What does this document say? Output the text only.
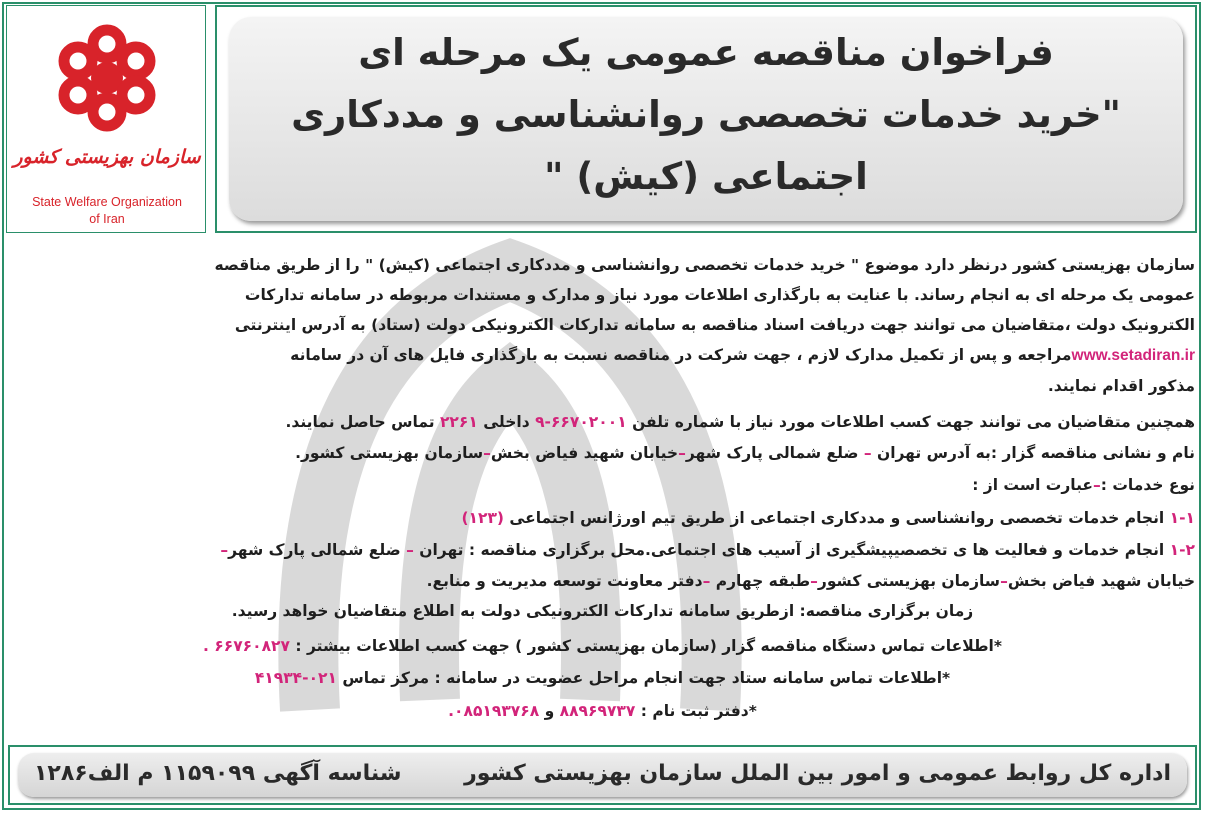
سازمان بهزیستی کشور
State Welfare Organization
of Iran
فراخوان مناقصه عمومی یک مرحله ای
"خرید خدمات تخصصی روانشناسی و مددکاری
اجتماعی (کیش) "
سازمان بهزیستی کشور درنظر دارد موضوع " خرید خدمات تخصصی روانشناسی و مددکاری اجتماعی (کیش) " را از طریق مناقصه
عمومی یک مرحله ای به انجام رساند. با عنایت به بارگذاری اطلاعات مورد نیاز و مدارک و مستندات مربوطه در سامانه تدارکات
الکترونیک دولت ،متقاضیان می توانند جهت دریافت اسناد مناقصه به سامانه تدارکات الکترونیکی دولت (ستاد) به آدرس اینترنتی
www.setadiran.irمراجعه و پس از تکمیل مدارک لازم ، جهت شرکت در مناقصه نسبت به بارگذاری فایل های آن در سامانه
مذکور اقدام نمایند.
همچنین متقاضیان می توانند جهت کسب اطلاعات مورد نیاز با شماره تلفن ۶۶۷۰۲۰۰۱-۹ داخلی ۲۲۶۱ تماس حاصل نمایند.
نام و نشانی مناقصه گزار :به آدرس تهران – ضلع شمالی پارک شهر–خیابان شهید فیاض بخش–سازمان بهزیستی کشور.
نوع خدمات :–عبارت است از :
۱-۱ انجام خدمات تخصصی روانشناسی و مددکاری اجتماعی از طریق تیم اورژانس اجتماعی (۱۲۳)
۱-۲ انجام خدمات و فعالیت ها ی تخصصیپیشگیری از آسیب های اجتماعی.محل برگزاری مناقصه : تهران – ضلع شمالی پارک شهر–
خیابان شهید فیاض بخش–سازمان بهزیستی کشور–طبقه چهارم –دفتر معاونت توسعه مدیریت و منابع.
زمان برگزاری مناقصه: ازطریق سامانه تدارکات الکترونیکی دولت به اطلاع متقاضیان خواهد رسید.
*اطلاعات تماس دستگاه مناقصه گزار (سازمان بهزیستی کشور ) جهت کسب اطلاعات بیشتر : ۶۶۷۶۰۸۲۷ .
*اطلاعات تماس سامانه ستاد جهت انجام مراحل عضویت در سامانه : مرکز تماس ۰۲۱-۴۱۹۳۴
*دفتر ثبت نام : ۸۸۹۶۹۷۳۷ و ۰۸۵۱۹۳۷۶۸.
اداره کل روابط عمومی و امور بین الملل سازمان بهزیستی کشور
شناسه آگهی ۱۱۵۹۰۹۹ م الف۱۲۸۶
